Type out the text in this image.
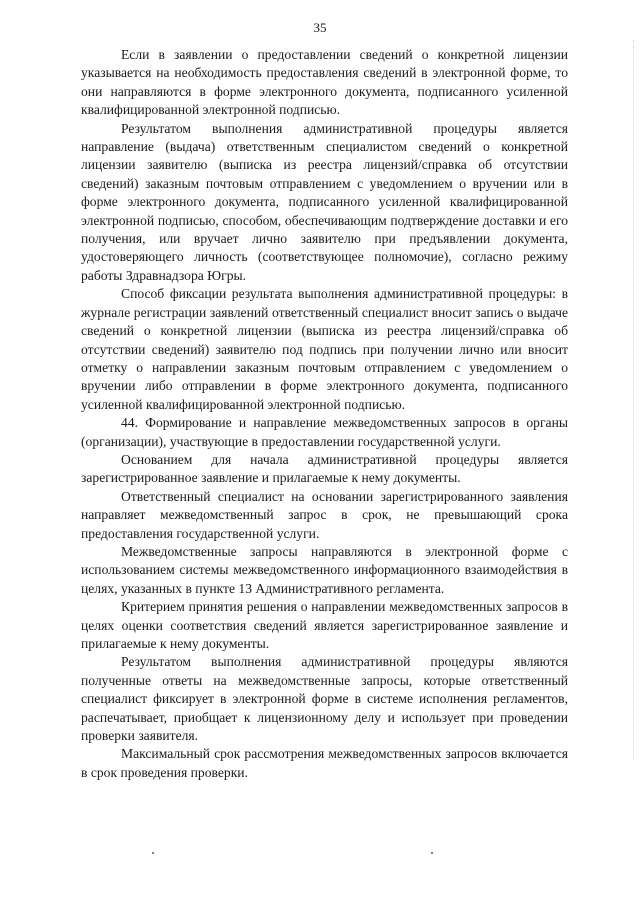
35

Если в заявлении о предоставлении сведений о конкретной лицензии указывается на необходимость предоставления сведений в электронной форме, то они направляются в форме электронного документа, подписанного усиленной квалифицированной электронной подписью.

Результатом выполнения административной процедуры является направление (выдача) ответственным специалистом сведений о конкретной лицензии заявителю (выписка из реестра лицензий/справка об отсутствии сведений) заказным почтовым отправлением с уведомлением о вручении или в форме электронного документа, подписанного усиленной квалифицированной электронной подписью, способом, обеспечивающим подтверждение доставки и его получения, или вручает лично заявителю при предъявлении документа, удостоверяющего личность (соответствующее полномочие), согласно режиму работы Здравнадзора Югры.

Способ фиксации результата выполнения административной процедуры: в журнале регистрации заявлений ответственный специалист вносит запись о выдаче сведений о конкретной лицензии (выписка из реестра лицензий/справка об отсутствии сведений) заявителю под подпись при получении лично или вносит отметку о направлении заказным почтовым отправлением с уведомлением о вручении либо отправлении в форме электронного документа, подписанного усиленной квалифицированной электронной подписью.

44. Формирование и направление межведомственных запросов в органы (организации), участвующие в предоставлении государственной услуги.

Основанием для начала административной процедуры является зарегистрированное заявление и прилагаемые к нему документы.

Ответственный специалист на основании зарегистрированного заявления направляет межведомственный запрос в срок, не превышающий срока предоставления государственной услуги.

Межведомственные запросы направляются в электронной форме с использованием системы межведомственного информационного взаимодействия в целях, указанных в пункте 13 Административного регламента.

Критерием принятия решения о направлении межведомственных запросов в целях оценки соответствия сведений является зарегистрированное заявление и прилагаемые к нему документы.

Результатом выполнения административной процедуры являются полученные ответы на межведомственные запросы, которые ответственный специалист фиксирует в электронной форме в системе исполнения регламентов, распечатывает, приобщает к лицензионному делу и использует при проведении проверки заявителя.

Максимальный срок рассмотрения межведомственных запросов включается в срок проведения проверки.
